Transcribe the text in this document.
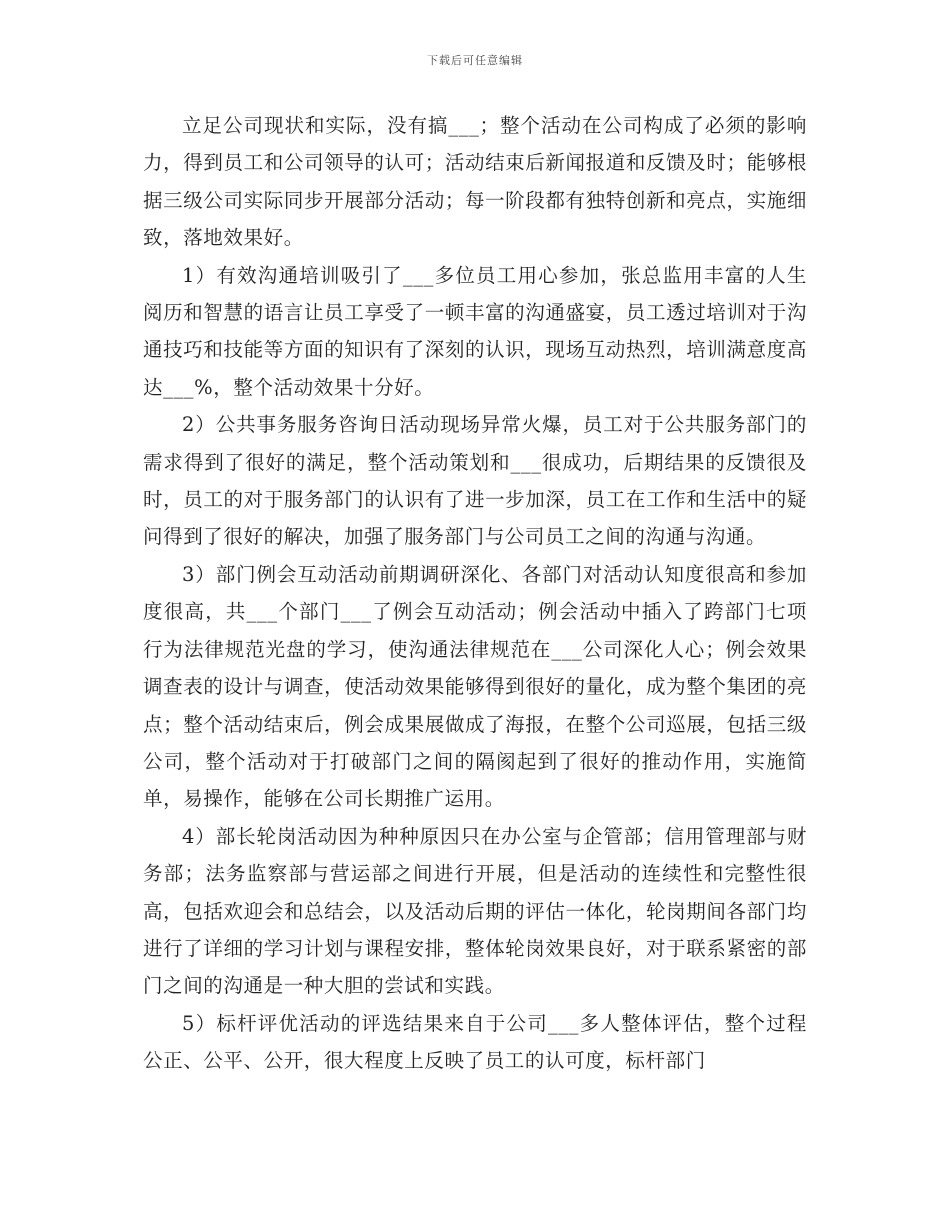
下载后可任意编辑

立足公司现状和实际，没有搞___；整个活动在公司构成了必须的影响力，得到员工和公司领导的认可；活动结束后新闻报道和反馈及时；能够根据三级公司实际同步开展部分活动；每一阶段都有独特创新和亮点，实施细致，落地效果好。

1）有效沟通培训吸引了___多位员工用心参加，张总监用丰富的人生阅历和智慧的语言让员工享受了一顿丰富的沟通盛宴，员工透过培训对于沟通技巧和技能等方面的知识有了深刻的认识，现场互动热烈，培训满意度高达___%，整个活动效果十分好。

2）公共事务服务咨询日活动现场异常火爆，员工对于公共服务部门的需求得到了很好的满足，整个活动策划和___很成功，后期结果的反馈很及时，员工的对于服务部门的认识有了进一步加深，员工在工作和生活中的疑问得到了很好的解决，加强了服务部门与公司员工之间的沟通与沟通。

3）部门例会互动活动前期调研深化、各部门对活动认知度很高和参加度很高，共___个部门___了例会互动活动；例会活动中插入了跨部门七项行为法律规范光盘的学习，使沟通法律规范在___公司深化人心；例会效果调查表的设计与调查，使活动效果能够得到很好的量化，成为整个集团的亮点；整个活动结束后，例会成果展做成了海报，在整个公司巡展，包括三级公司，整个活动对于打破部门之间的隔阂起到了很好的推动作用，实施简单，易操作，能够在公司长期推广运用。

4）部长轮岗活动因为种种原因只在办公室与企管部；信用管理部与财务部；法务监察部与营运部之间进行开展，但是活动的连续性和完整性很高，包括欢迎会和总结会，以及活动后期的评估一体化，轮岗期间各部门均进行了详细的学习计划与课程安排，整体轮岗效果良好，对于联系紧密的部门之间的沟通是一种大胆的尝试和实践。

5）标杆评优活动的评选结果来自于公司___多人整体评估，整个过程公正、公平、公开，很大程度上反映了员工的认可度，标杆部门
